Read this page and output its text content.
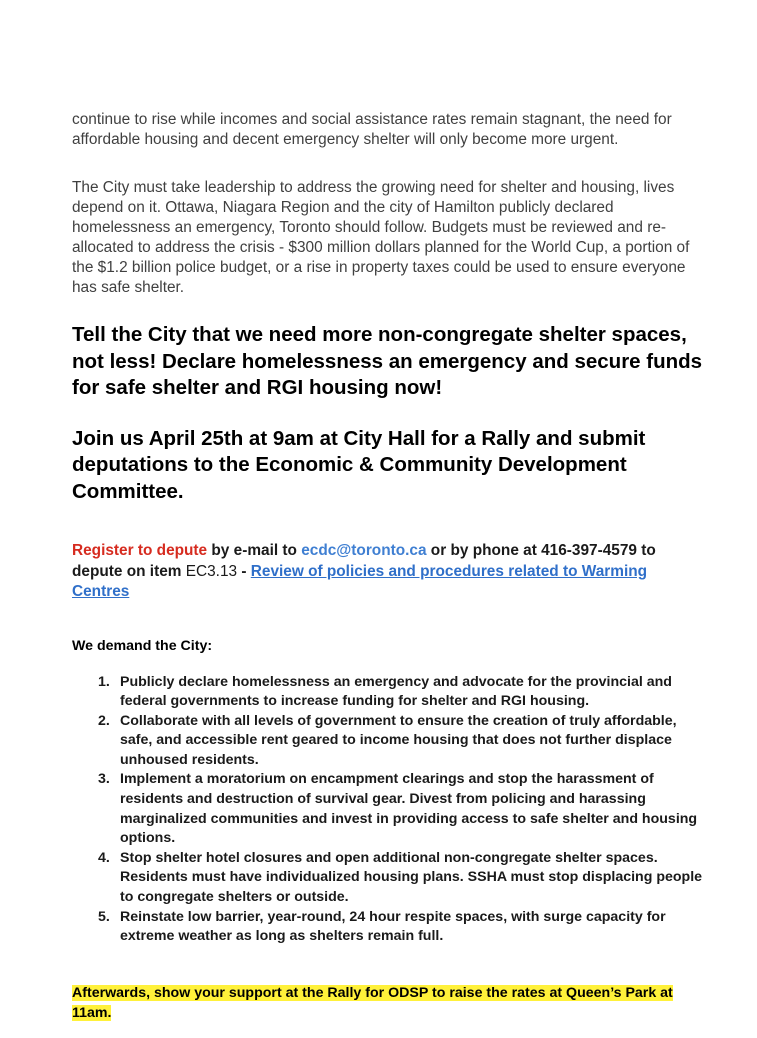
continue to rise while incomes and social assistance rates remain stagnant, the need for affordable housing and decent emergency shelter will only become more urgent.

The City must take leadership to address the growing need for shelter and housing, lives depend on it. Ottawa, Niagara Region and the city of Hamilton publicly declared homelessness an emergency, Toronto should follow. Budgets must be reviewed and re-allocated to address the crisis - $300 million dollars planned for the World Cup, a portion of the $1.2 billion police budget, or a rise in property taxes could be used to ensure everyone has safe shelter.

Tell the City that we need more non-congregate shelter spaces, not less! Declare homelessness an emergency and secure funds for safe shelter and RGI housing now!

Join us April 25th at 9am at City Hall for a Rally and submit deputations to the Economic & Community Development Committee.

Register to depute by e-mail to ecdc@toronto.ca or by phone at 416-397-4579 to depute on item EC3.13 - Review of policies and procedures related to Warming Centres

We demand the City:

1. Publicly declare homelessness an emergency and advocate for the provincial and federal governments to increase funding for shelter and RGI housing.
2. Collaborate with all levels of government to ensure the creation of truly affordable, safe, and accessible rent geared to income housing that does not further displace unhoused residents.
3. Implement a moratorium on encampment clearings and stop the harassment of residents and destruction of survival gear. Divest from policing and harassing marginalized communities and invest in providing access to safe shelter and housing options.
4. Stop shelter hotel closures and open additional non-congregate shelter spaces. Residents must have individualized housing plans. SSHA must stop displacing people to congregate shelters or outside.
5. Reinstate low barrier, year-round, 24 hour respite spaces, with surge capacity for extreme weather as long as shelters remain full.

Afterwards, show your support at the Rally for ODSP to raise the rates at Queen’s Park at 11am.
